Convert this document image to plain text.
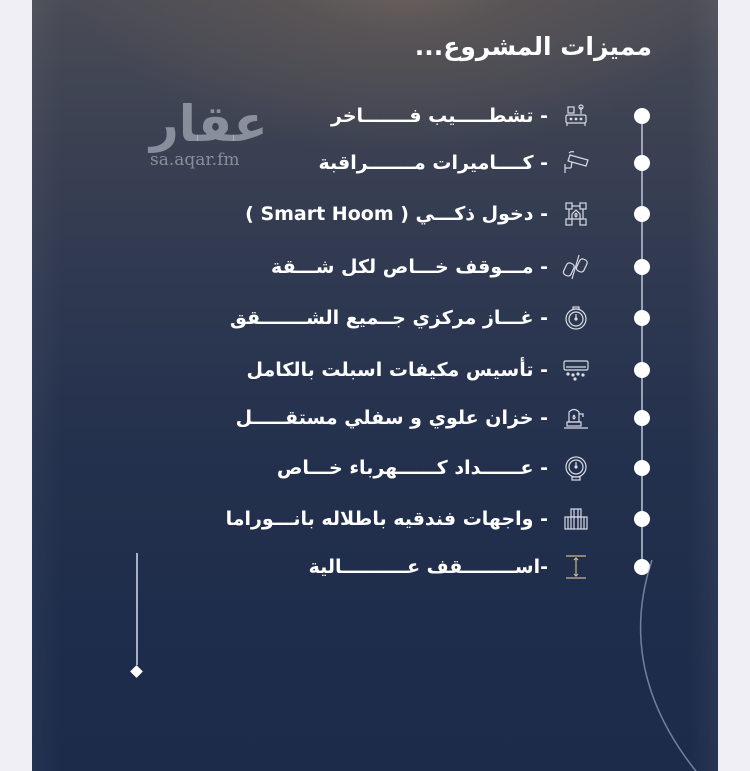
مميزات المشروع...
عقار
sa.aqar.fm
- تشطـــــيب فـــــــاخر
- كــــاميرات مـــــــراقبة
- دخول ذكـــي ( Smart Hoom )
- مـــوقف خـــاص لكل شـــقة
- غـــاز مركزي جــميع الشـــــــقق
- تأسيس مكيفات اسبلت بالكامل
- خزان علوي و سفلي مستقـــــل
- عــــــداد كــــــهرباء خـــاص
- واجهات فندقيه باطلاله بانـــوراما
-اســــــــقف عــــــــــالية
